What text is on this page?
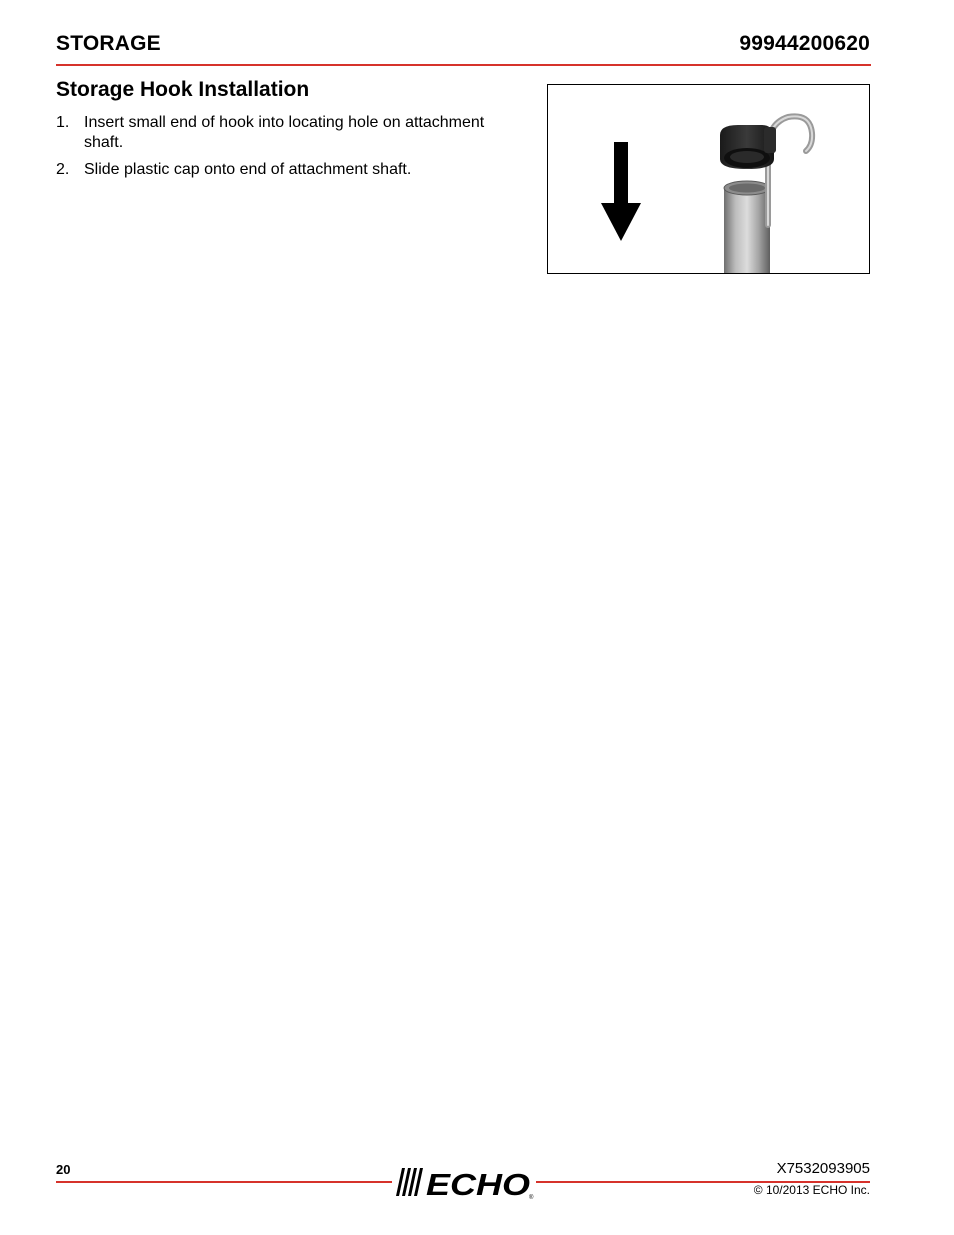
STORAGE	99944200620
Storage Hook Installation
1. Insert small end of hook into locating hole on attachment shaft.
2. Slide plastic cap onto end of attachment shaft.
20	ECHO ®
X7532093905
© 10/2013 ECHO Inc.
